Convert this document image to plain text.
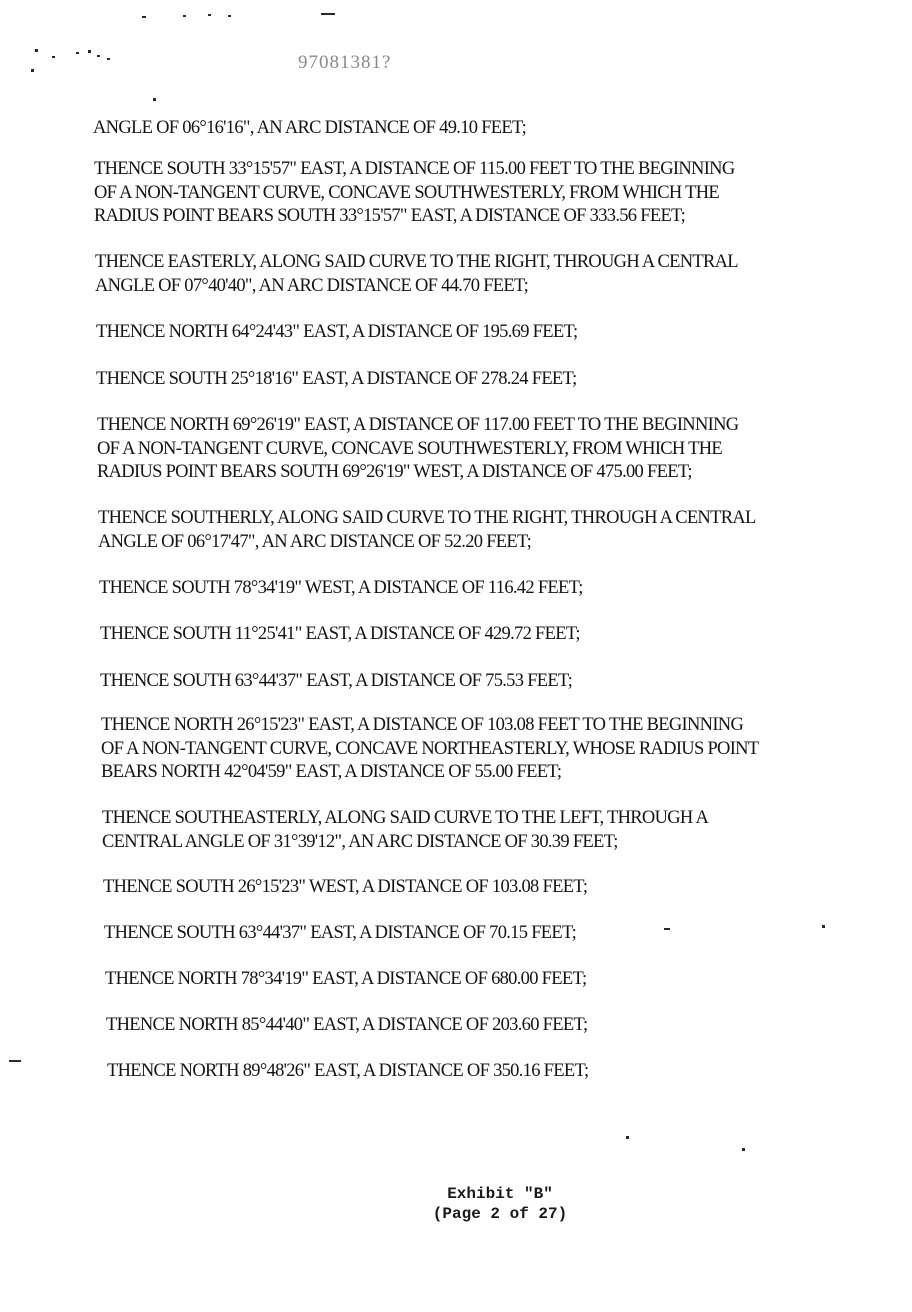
97081381?
ANGLE OF 06°16'16", AN ARC DISTANCE OF 49.10 FEET;
THENCE SOUTH 33°15'57" EAST, A DISTANCE OF 115.00 FEET TO THE BEGINNING
OF A NON-TANGENT CURVE, CONCAVE SOUTHWESTERLY, FROM WHICH THE
RADIUS POINT BEARS SOUTH 33°15'57" EAST, A DISTANCE OF 333.56 FEET;
THENCE EASTERLY, ALONG SAID CURVE TO THE RIGHT, THROUGH A CENTRAL
ANGLE OF 07°40'40", AN ARC DISTANCE OF 44.70 FEET;
THENCE NORTH 64°24'43" EAST, A DISTANCE OF 195.69 FEET;
THENCE SOUTH 25°18'16" EAST, A DISTANCE OF 278.24 FEET;
THENCE NORTH 69°26'19" EAST, A DISTANCE OF 117.00 FEET TO THE BEGINNING
OF A NON-TANGENT CURVE, CONCAVE SOUTHWESTERLY, FROM WHICH THE
RADIUS POINT BEARS SOUTH 69°26'19" WEST, A DISTANCE OF 475.00 FEET;
THENCE SOUTHERLY, ALONG SAID CURVE TO THE RIGHT, THROUGH A CENTRAL
ANGLE OF 06°17'47", AN ARC DISTANCE OF 52.20 FEET;
THENCE SOUTH 78°34'19" WEST, A DISTANCE OF 116.42 FEET;
THENCE SOUTH 11°25'41" EAST, A DISTANCE OF 429.72 FEET;
THENCE SOUTH 63°44'37" EAST, A DISTANCE OF 75.53 FEET;
THENCE NORTH 26°15'23" EAST, A DISTANCE OF 103.08 FEET TO THE BEGINNING
OF A NON-TANGENT CURVE, CONCAVE NORTHEASTERLY, WHOSE RADIUS POINT
BEARS NORTH 42°04'59" EAST, A DISTANCE OF 55.00 FEET;
THENCE SOUTHEASTERLY, ALONG SAID CURVE TO THE LEFT, THROUGH A
CENTRAL ANGLE OF 31°39'12", AN ARC DISTANCE OF 30.39 FEET;
THENCE SOUTH 26°15'23" WEST, A DISTANCE OF 103.08 FEET;
THENCE SOUTH 63°44'37" EAST, A DISTANCE OF 70.15 FEET;
THENCE NORTH 78°34'19" EAST, A DISTANCE OF 680.00 FEET;
THENCE NORTH 85°44'40" EAST, A DISTANCE OF 203.60 FEET;
THENCE NORTH 89°48'26" EAST, A DISTANCE OF 350.16 FEET;
Exhibit "B"
(Page 2 of 27)
